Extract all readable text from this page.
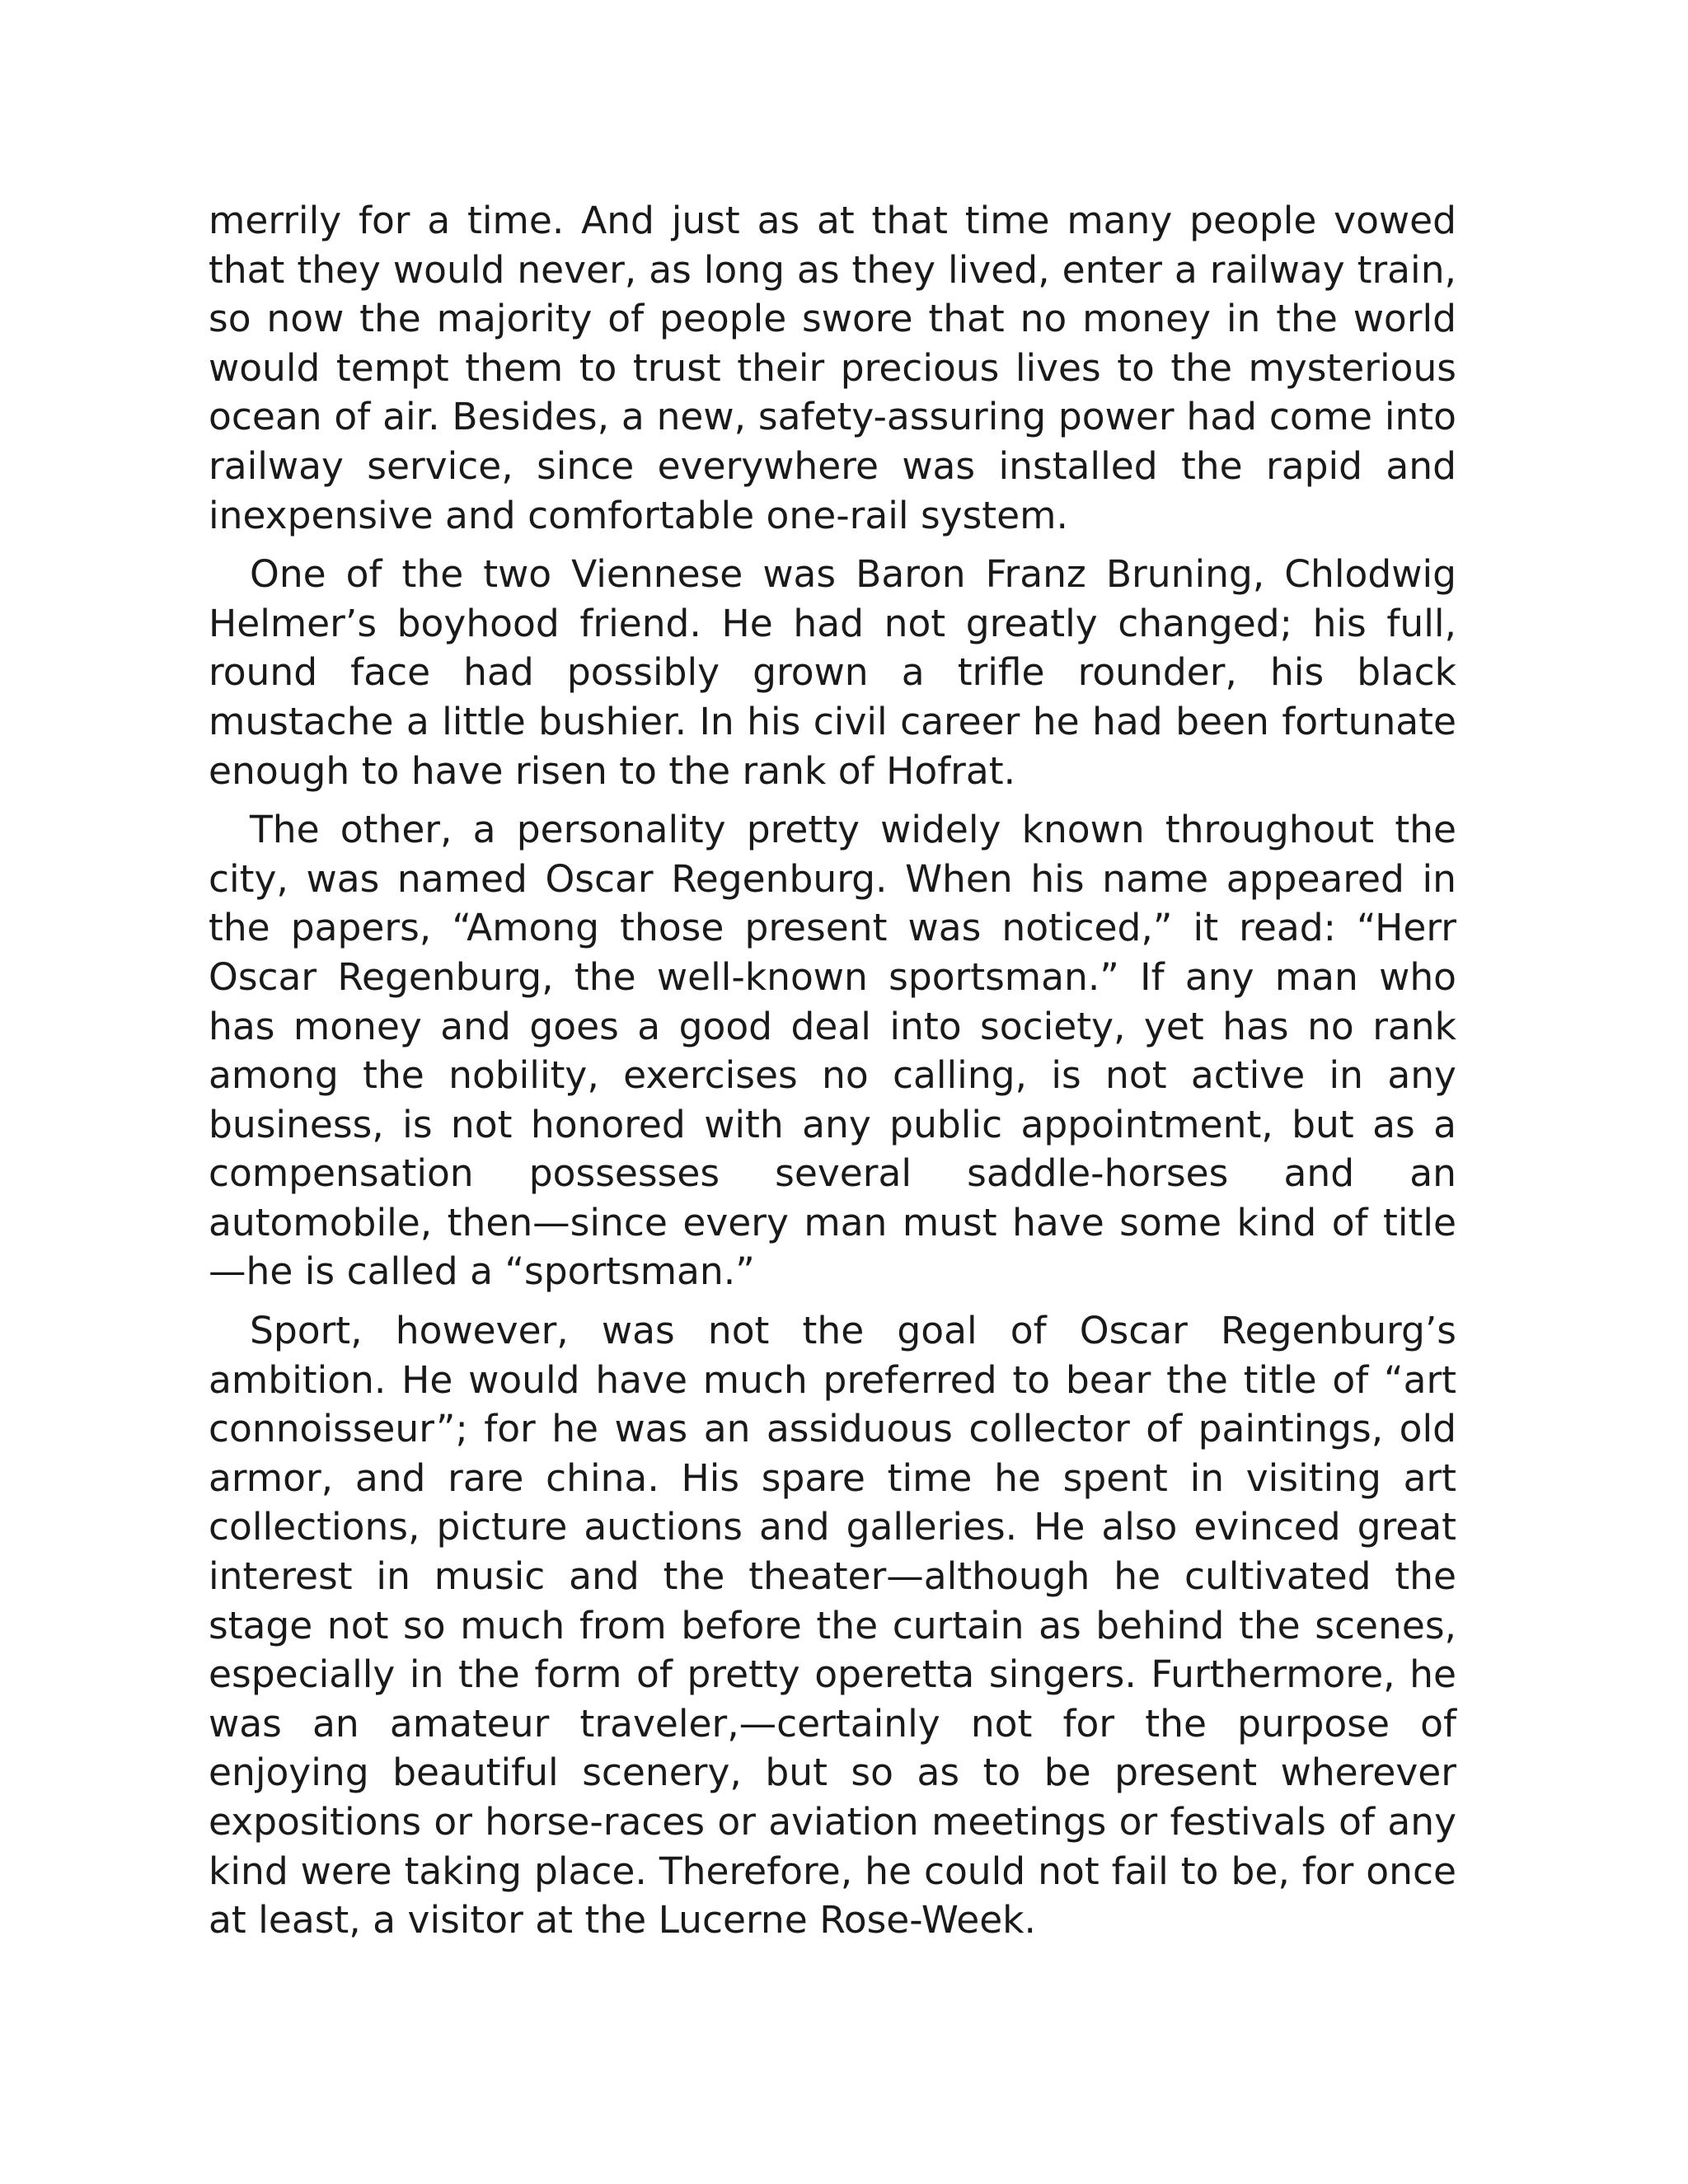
merrily for a time. And just as at that time many people vowed that they would never, as long as they lived, enter a railway train, so now the majority of people swore that no money in the world would tempt them to trust their precious lives to the mysterious ocean of air. Besides, a new, safety-assuring power had come into railway service, since everywhere was installed the rapid and inexpensive and comfortable one-rail system.

One of the two Viennese was Baron Franz Bruning, Chlodwig Helmer’s boyhood friend. He had not greatly changed; his full, round face had possibly grown a trifle rounder, his black mustache a little bushier. In his civil career he had been fortunate enough to have risen to the rank of Hofrat.

The other, a personality pretty widely known throughout the city, was named Oscar Regenburg. When his name appeared in the papers, “Among those present was noticed,” it read: “Herr Oscar Regenburg, the well-known sportsman.” If any man who has money and goes a good deal into society, yet has no rank among the nobility, exercises no calling, is not active in any business, is not honored with any public appointment, but as a compensation possesses several saddle-horses and an automobile, then—since every man must have some kind of title—he is called a “sportsman.”

Sport, however, was not the goal of Oscar Regenburg’s ambition. He would have much preferred to bear the title of “art connoisseur”; for he was an assiduous collector of paintings, old armor, and rare china. His spare time he spent in visiting art collections, picture auctions and galleries. He also evinced great interest in music and the theater—although he cultivated the stage not so much from before the curtain as behind the scenes, especially in the form of pretty operetta singers. Furthermore, he was an amateur traveler,—certainly not for the purpose of enjoying beautiful scenery, but so as to be present wherever expositions or horse-races or aviation meetings or festivals of any kind were taking place. Therefore, he could not fail to be, for once at least, a visitor at the Lucerne Rose-Week.
